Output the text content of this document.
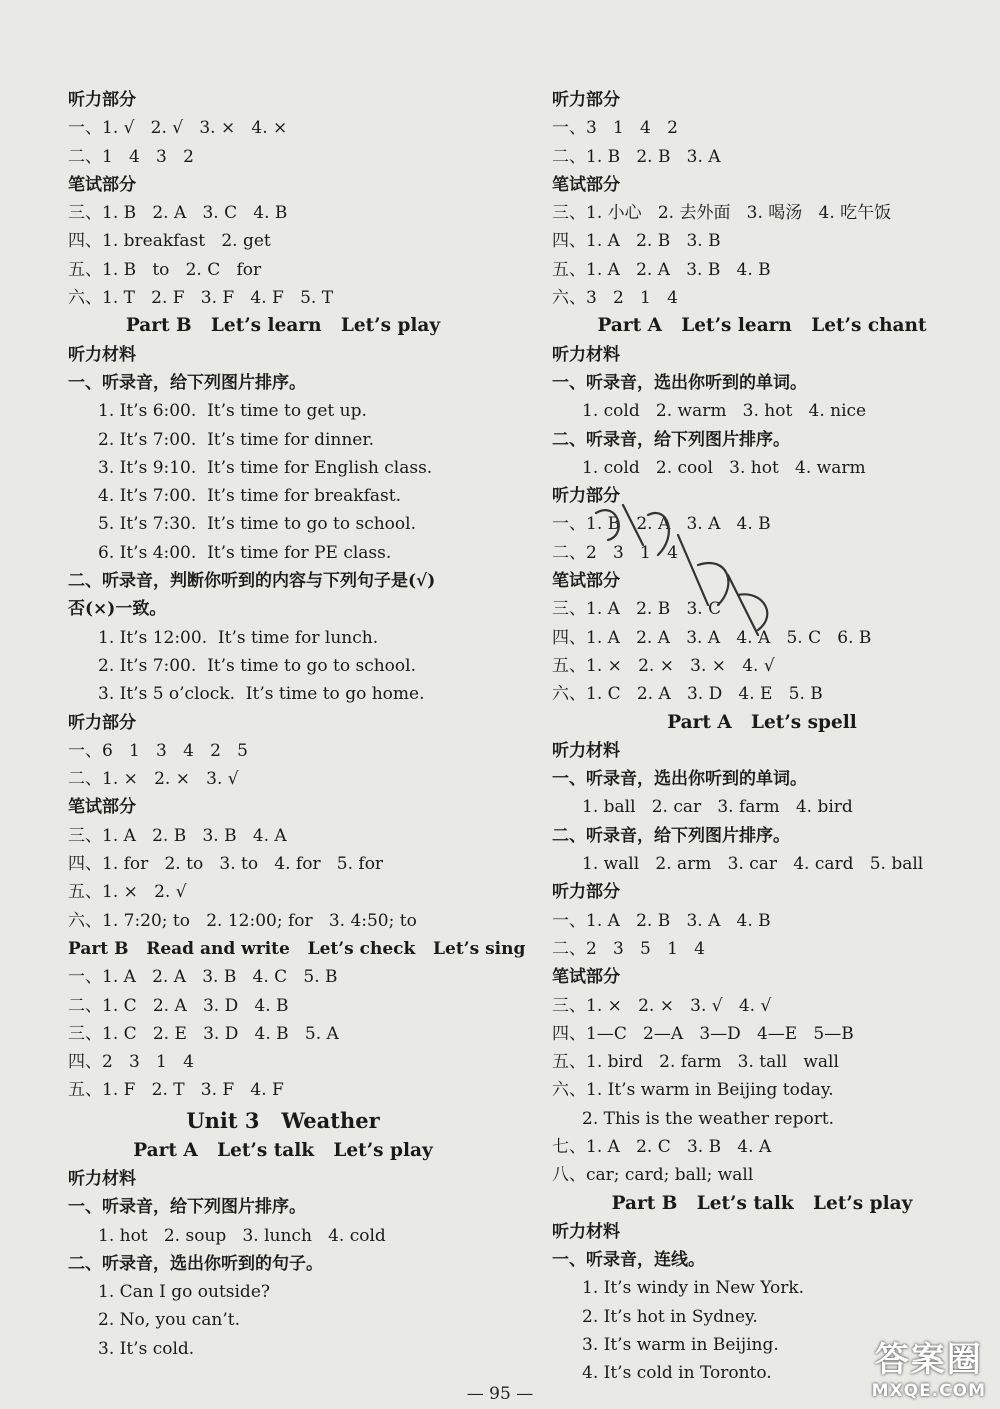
听力部分
一、1. √   2. √   3. ×   4. ×
二、1   4   3   2
笔试部分
三、1. B   2. A   3. C   4. B
四、1. breakfast   2. get
五、1. B   to   2. C   for
六、1. T   2. F   3. F   4. F   5. T
Part B   Let’s learn   Let’s play
听力材料
一、听录音，给下列图片排序。
1. It’s 6:00.  It’s time to get up.
2. It’s 7:00.  It’s time for dinner.
3. It’s 9:10.  It’s time for English class.
4. It’s 7:00.  It’s time for breakfast.
5. It’s 7:30.  It’s time to go to school.
6. It’s 4:00.  It’s time for PE class.
二、听录音，判断你听到的内容与下列句子是(√)
否(×)一致。
1. It’s 12:00.  It’s time for lunch.
2. It’s 7:00.  It’s time to go to school.
3. It’s 5 o’clock.  It’s time to go home.
听力部分
一、6   1   3   4   2   5
二、1. ×   2. ×   3. √
笔试部分
三、1. A   2. B   3. B   4. A
四、1. for   2. to   3. to   4. for   5. for
五、1. ×   2. √
六、1. 7:20; to   2. 12:00; for   3. 4:50; to
Part B   Read and write   Let’s check   Let’s sing
一、1. A   2. A   3. B   4. C   5. B
二、1. C   2. A   3. D   4. B
三、1. C   2. E   3. D   4. B   5. A
四、2   3   1   4
五、1. F   2. T   3. F   4. F
Unit 3   Weather
Part A   Let’s talk   Let’s play
听力材料
一、听录音，给下列图片排序。
1. hot   2. soup   3. lunch   4. cold
二、听录音，选出你听到的句子。
1. Can I go outside?
2. No, you can’t.
3. It’s cold.
听力部分
一、3   1   4   2
二、1. B   2. B   3. A
笔试部分
三、1. 小心   2. 去外面   3. 喝汤   4. 吃午饭
四、1. A   2. B   3. B
五、1. A   2. A   3. B   4. B
六、3   2   1   4
Part A   Let’s learn   Let’s chant
听力材料
一、听录音，选出你听到的单词。
1. cold   2. warm   3. hot   4. nice
二、听录音，给下列图片排序。
1. cold   2. cool   3. hot   4. warm
听力部分
一、1. B   2. A   3. A   4. B
二、2   3   1   4
笔试部分
三、1. A   2. B   3. C
四、1. A   2. A   3. A   4. A   5. C   6. B
五、1. ×   2. ×   3. ×   4. √
六、1. C   2. A   3. D   4. E   5. B
Part A   Let’s spell
听力材料
一、听录音，选出你听到的单词。
1. ball   2. car   3. farm   4. bird
二、听录音，给下列图片排序。
1. wall   2. arm   3. car   4. card   5. ball
听力部分
一、1. A   2. B   3. A   4. B
二、2   3   5   1   4
笔试部分
三、1. ×   2. ×   3. √   4. √
四、1—C   2—A   3—D   4—E   5—B
五、1. bird   2. farm   3. tall   wall
六、1. It’s warm in Beijing today.
2. This is the weather report.
七、1. A   2. C   3. B   4. A
八、car; card; ball; wall
Part B   Let’s talk   Let’s play
听力材料
一、听录音，连线。
1. It’s windy in New York.
2. It’s hot in Sydney.
3. It’s warm in Beijing.
4. It’s cold in Toronto.
— 95 —
答案圈
MXQE.COM
